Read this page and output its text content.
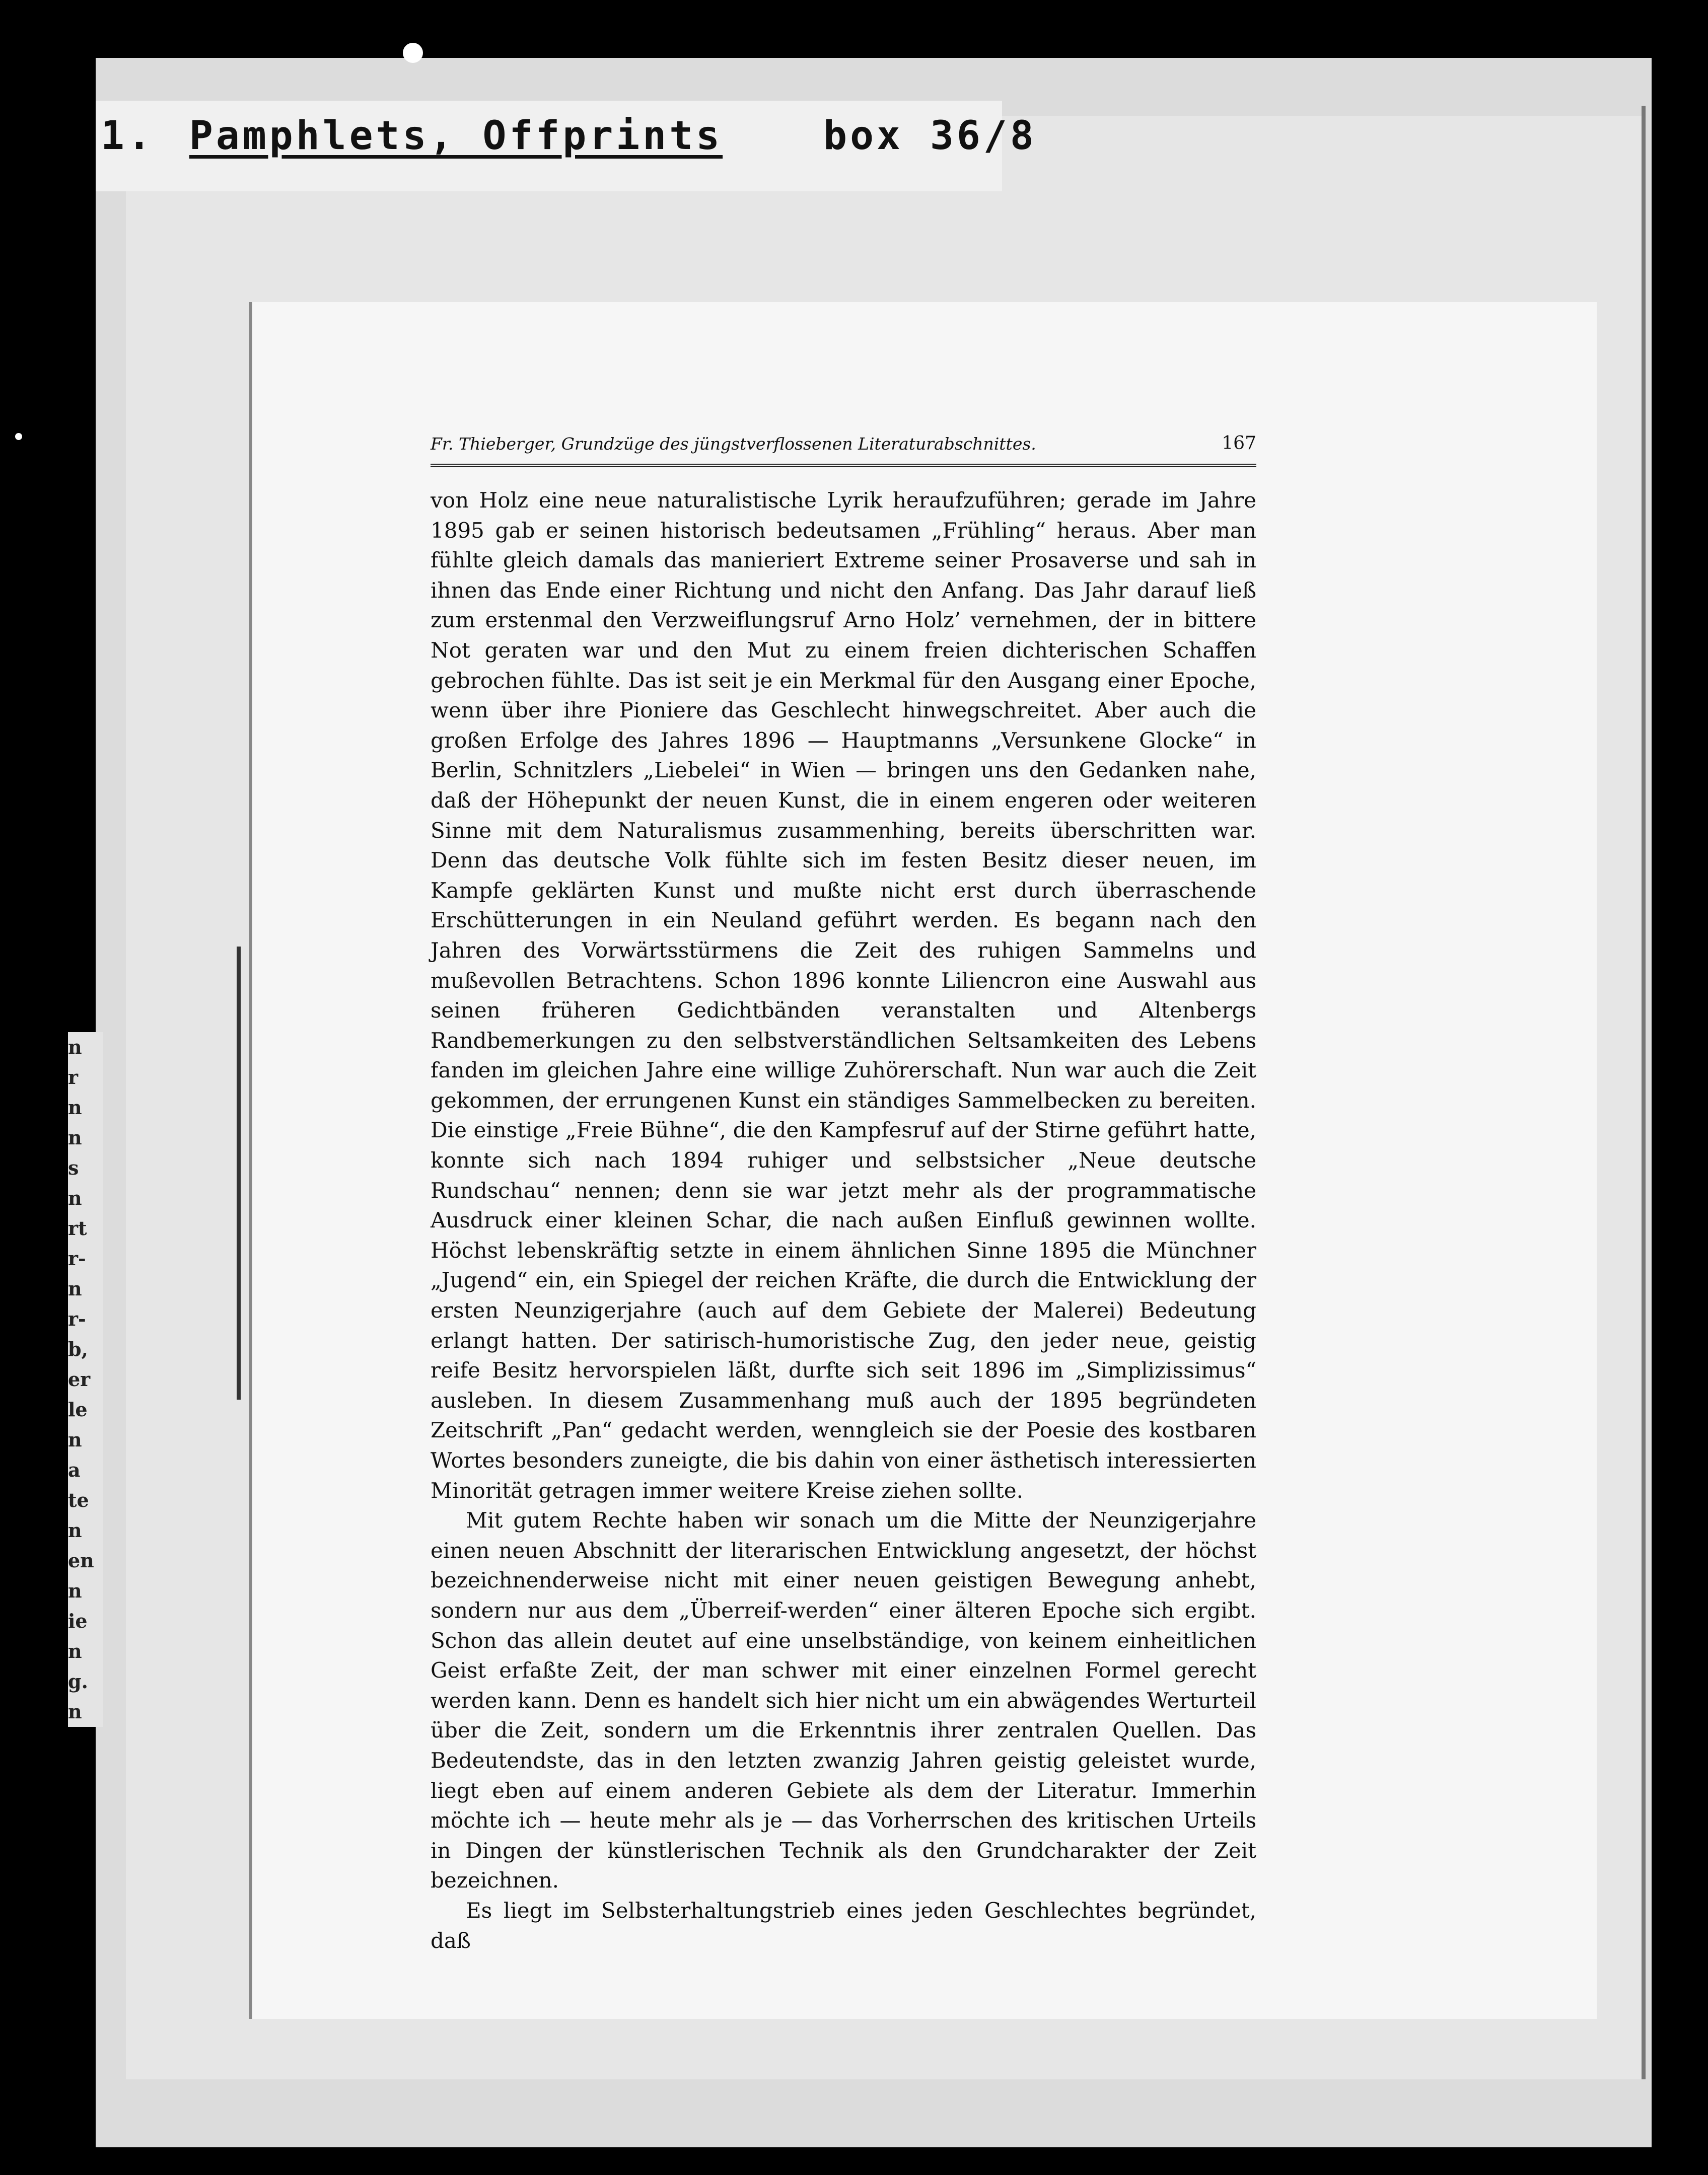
1. Pamphlets, Offprints	box 36/8
n
r
n
n
s
n
rt
r-
n
r-
b,
er
le
n
a
te
n
en
n
ie
n
g.
n
Fr. Thieberger, Grundzüge des jüngstverflossenen Literaturabschnittes.	167

von Holz eine neue naturalistische Lyrik heraufzuführen; gerade im Jahre 1895 gab er seinen historisch bedeutsamen „Frühling“ heraus. Aber man fühlte gleich damals das manieriert Extreme seiner Prosaverse und sah in ihnen das Ende einer Richtung und nicht den Anfang. Das Jahr darauf ließ zum erstenmal den Verzweiflungsruf Arno Holz’ vernehmen, der in bittere Not geraten war und den Mut zu einem freien dichterischen Schaffen gebrochen fühlte. Das ist seit je ein Merkmal für den Ausgang einer Epoche, wenn über ihre Pioniere das Geschlecht hinwegschreitet. Aber auch die großen Erfolge des Jahres 1896 — Hauptmanns „Versunkene Glocke“ in Berlin, Schnitzlers „Liebelei“ in Wien — bringen uns den Gedanken nahe, daß der Höhepunkt der neuen Kunst, die in einem engeren oder weiteren Sinne mit dem Naturalismus zusammenhing, bereits überschritten war. Denn das deutsche Volk fühlte sich im festen Besitz dieser neuen, im Kampfe geklärten Kunst und mußte nicht erst durch überraschende Erschütterungen in ein Neuland geführt werden. Es begann nach den Jahren des Vorwärtsstürmens die Zeit des ruhigen Sammelns und mußevollen Betrachtens. Schon 1896 konnte Liliencron eine Auswahl aus seinen früheren Gedichtbänden veranstalten und Altenbergs Randbemerkungen zu den selbstverständlichen Seltsamkeiten des Lebens fanden im gleichen Jahre eine willige Zuhörerschaft. Nun war auch die Zeit gekommen, der errungenen Kunst ein ständiges Sammelbecken zu bereiten. Die einstige „Freie Bühne“, die den Kampfesruf auf der Stirne geführt hatte, konnte sich nach 1894 ruhiger und selbstsicher „Neue deutsche Rundschau“ nennen; denn sie war jetzt mehr als der programmatische Ausdruck einer kleinen Schar, die nach außen Einfluß gewinnen wollte. Höchst lebenskräftig setzte in einem ähnlichen Sinne 1895 die Münchner „Jugend“ ein, ein Spiegel der reichen Kräfte, die durch die Entwicklung der ersten Neunzigerjahre (auch auf dem Gebiete der Malerei) Bedeutung erlangt hatten. Der satirisch-humoristische Zug, den jeder neue, geistig reife Besitz hervorspielen läßt, durfte sich seit 1896 im „Simplizissimus“ ausleben. In diesem Zusammenhang muß auch der 1895 begründeten Zeitschrift „Pan“ gedacht werden, wenngleich sie der Poesie des kostbaren Wortes besonders zuneigte, die bis dahin von einer ästhetisch interessierten Minorität getragen immer weitere Kreise ziehen sollte.

Mit gutem Rechte haben wir sonach um die Mitte der Neunzigerjahre einen neuen Abschnitt der literarischen Entwicklung angesetzt, der höchst bezeichnenderweise nicht mit einer neuen geistigen Bewegung anhebt, sondern nur aus dem „Überreif-werden“ einer älteren Epoche sich ergibt. Schon das allein deutet auf eine unselbständige, von keinem einheitlichen Geist erfaßte Zeit, der man schwer mit einer einzelnen Formel gerecht werden kann. Denn es handelt sich hier nicht um ein abwägendes Werturteil über die Zeit, sondern um die Erkenntnis ihrer zentralen Quellen. Das Bedeutendste, das in den letzten zwanzig Jahren geistig geleistet wurde, liegt eben auf einem anderen Gebiete als dem der Literatur. Immerhin möchte ich — heute mehr als je — das Vorherrschen des kritischen Urteils in Dingen der künstlerischen Technik als den Grundcharakter der Zeit bezeichnen.

Es liegt im Selbsterhaltungstrieb eines jeden Geschlechtes begründet, daß
